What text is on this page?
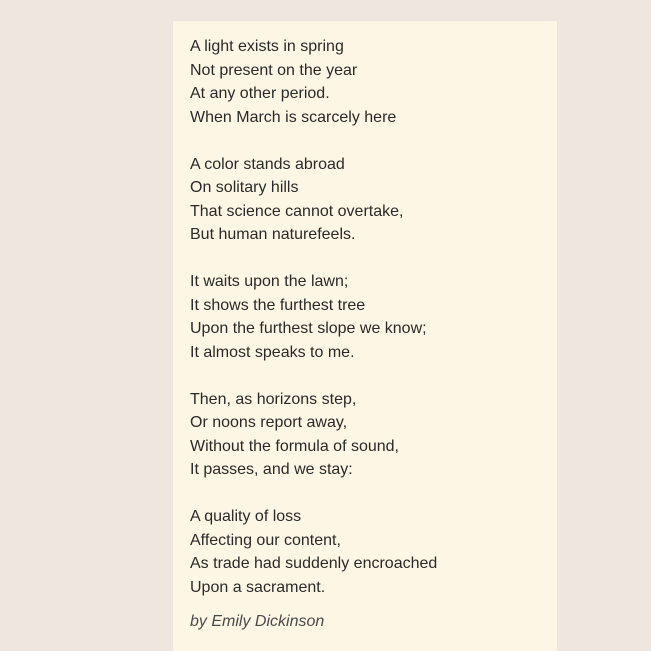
A light exists in spring
Not present on the year
At any other period.
When March is scarcely here
A color stands abroad
On solitary hills
That science cannot overtake,
But human naturefeels.
It waits upon the lawn;
It shows the furthest tree
Upon the furthest slope we know;
It almost speaks to me.
Then, as horizons step,
Or noons report away,
Without the formula of sound,
It passes, and we stay:
A quality of loss
Affecting our content,
As trade had suddenly encroached
Upon a sacrament.
by Emily Dickinson
